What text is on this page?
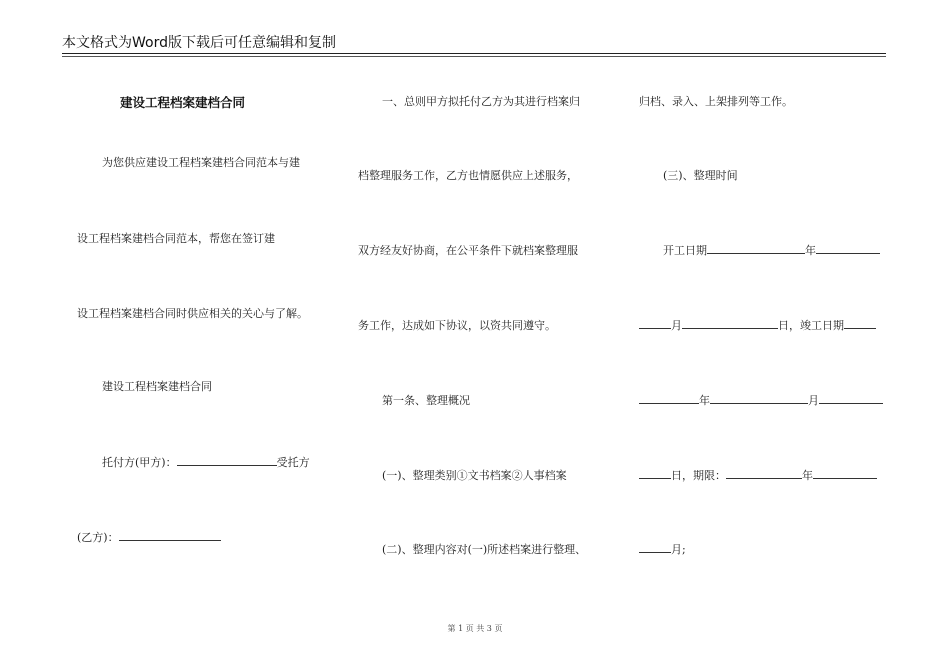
本文格式为Word版下载后可任意编辑和复制
建设工程档案建档合同
为您供应建设工程档案建档合同范本与建
设工程档案建档合同范本，帮您在签订建
设工程档案建档合同时供应相关的关心与了解。
建设工程档案建档合同
托付方(甲方)：	受托方
(乙方)：
一、总则甲方拟托付乙方为其进行档案归
档整理服务工作，乙方也情愿供应上述服务，
双方经友好协商，在公平条件下就档案整理服
务工作，达成如下协议，以资共同遵守。
第一条、整理概况
(一)、整理类别①文书档案②人事档案
(二)、整理内容对(一)所述档案进行整理、
归档、录入、上架排列等工作。
(三)、整理时间
开工日期	年
月	日，竣工日期
年	月
日，期限：	年
月;
第 1 页 共 3 页
